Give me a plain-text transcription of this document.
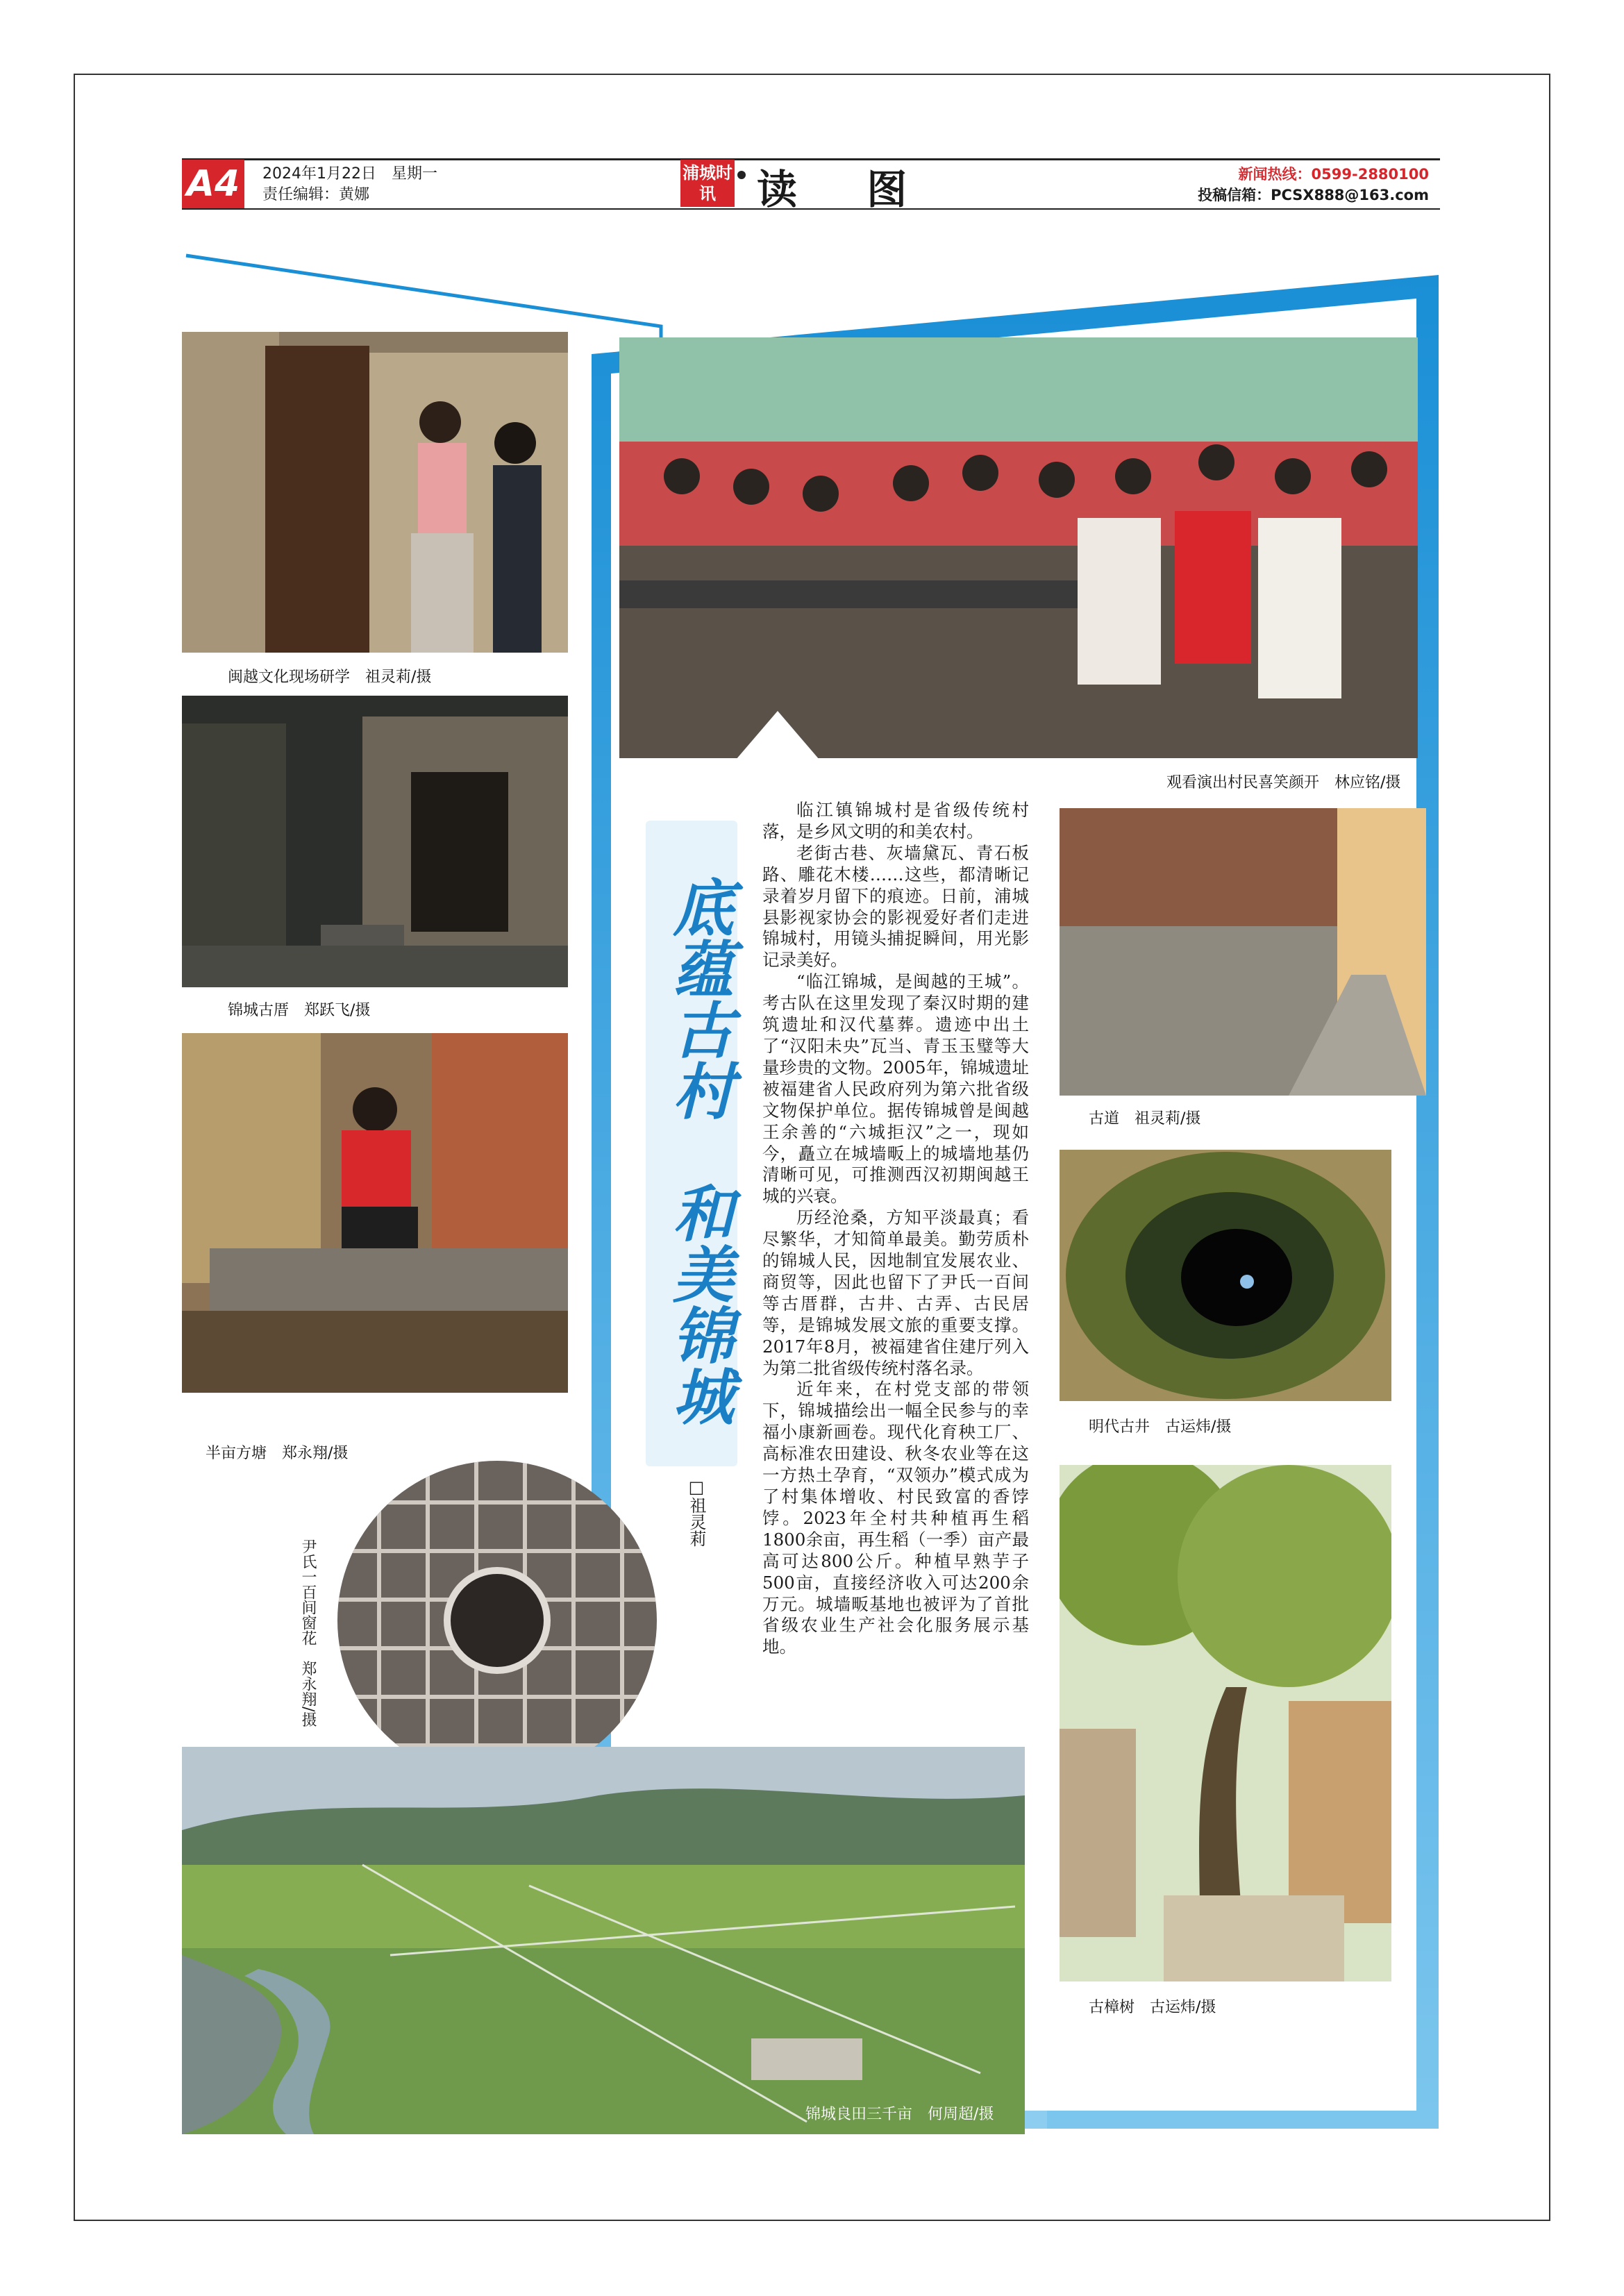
A4	2024年1月22日　星期一
责任编辑：黄娜
浦城时讯	读 图	新闻热线：0599-2880100
投稿信箱：PCSX888@163.com
闽越文化现场研学　祖灵莉/摄
锦城古厝　郑跃飞/摄
半亩方塘　郑永翔/摄
尹氏一百间窗花　郑永翔/摄
锦城良田三千亩　何周超/摄
观看演出村民喜笑颜开　林应铭/摄
古道　祖灵莉/摄
明代古井　古运炜/摄
古樟树　古运炜/摄
底蕴古村　和美锦城
□祖灵莉

临江镇锦城村是省级传统村落，是乡风文明的和美农村。

老街古巷、灰墙黛瓦、青石板路、雕花木楼……这些，都清晰记录着岁月留下的痕迹。日前，浦城县影视家协会的影视爱好者们走进锦城村，用镜头捕捉瞬间，用光影记录美好。

“临江锦城，是闽越的王城”。考古队在这里发现了秦汉时期的建筑遗址和汉代墓葬。遗迹中出土了“汉阳未央”瓦当、青玉玉璧等大量珍贵的文物。2005年，锦城遗址被福建省人民政府列为第六批省级文物保护单位。据传锦城曾是闽越王余善的“六城拒汉”之一，现如今，矗立在城墙畈上的城墙地基仍清晰可见，可推测西汉初期闽越王城的兴衰。

历经沧桑，方知平淡最真；看尽繁华，才知简单最美。勤劳质朴的锦城人民，因地制宜发展农业、商贸等，因此也留下了尹氏一百间等古厝群，古井、古弄、古民居等，是锦城发展文旅的重要支撑。2017年8月，被福建省住建厅列入为第二批省级传统村落名录。

近年来，在村党支部的带领下，锦城描绘出一幅全民参与的幸福小康新画卷。现代化育秧工厂、高标准农田建设、秋冬农业等在这一方热土孕育，“双领办”模式成为了村集体增收、村民致富的香饽饽。2023年全村共种植再生稻1800余亩，再生稻（一季）亩产最高可达800公斤。种植早熟芋子500亩，直接经济收入可达200余万元。城墙畈基地也被评为了首批省级农业生产社会化服务展示基地。
